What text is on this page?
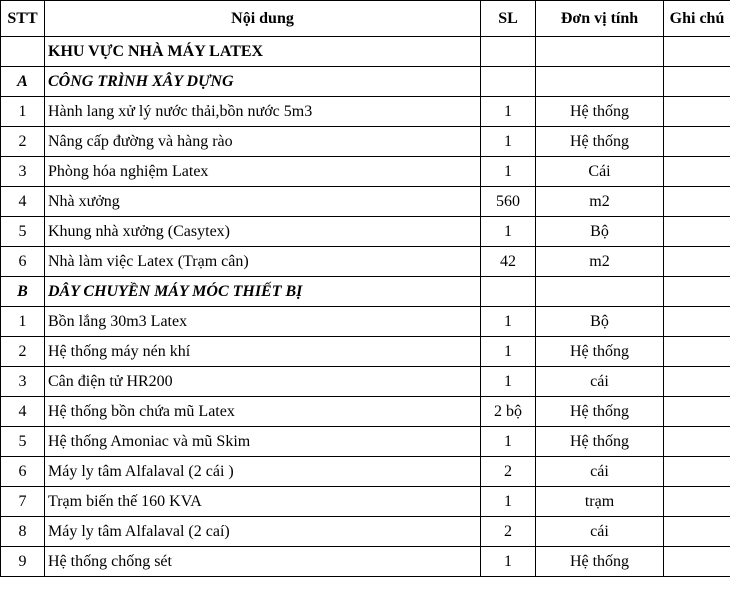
STT	Nội dung	SL	Đơn vị tính	Ghi chú
	KHU VỰC NHÀ MÁY LATEX			
A	CÔNG TRÌNH XÂY DỰNG			
1	Hành lang xử lý nước thải,bồn nước 5m3	1	Hệ thống	
2	Nâng cấp đường và hàng rào	1	Hệ thống	
3	Phòng hóa nghiệm Latex	1	Cái	
4	Nhà xưởng	560	m2	
5	Khung nhà xưởng (Casytex)	1	Bộ	
6	Nhà làm việc Latex (Trạm cân)	42	m2	
B	DÂY CHUYỀN MÁY MÓC THIẾT BỊ			
1	Bồn lắng 30m3 Latex	1	Bộ	
2	Hệ thống máy nén khí	1	Hệ thống	
3	Cân điện tử HR200	1	cái	
4	Hệ thống bồn chứa mũ Latex	2 bộ	Hệ thống	
5	Hệ thống Amoniac và mũ Skim	1	Hệ thống	
6	Máy ly tâm Alfalaval (2 cái )	2	cái	
7	Trạm biến thế 160 KVA	1	trạm	
8	Máy ly tâm Alfalaval (2 caí)	2	cái	
9	Hệ thống chống sét	1	Hệ thống	
